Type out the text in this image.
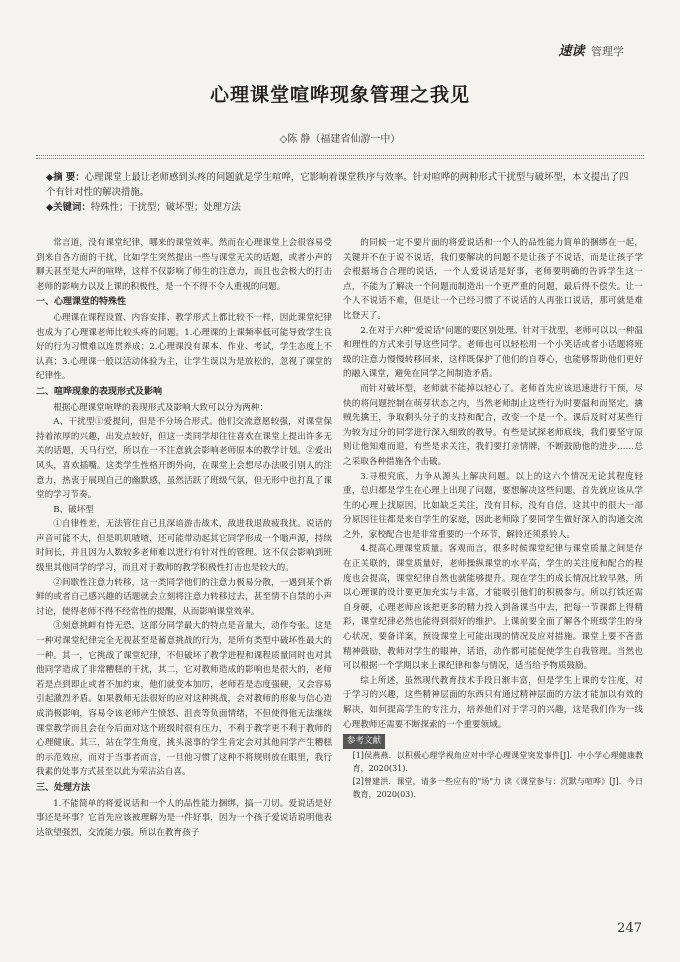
速读 管理学
心理课堂喧哗现象管理之我见
◇陈 静（福建省仙游一中）

◆摘 要：心理课堂上最让老师感到头疼的问题就是学生喧哗，它影响着课堂秩序与效率。针对喧哗的两种形式干扰型与破坏型，本文提出了四个有针对性的解决措施。

◆关键词：特殊性；干扰型；破坏型；处理方法

常言道，没有课堂纪律，哪来的课堂效率。然而在心理课堂上会很容易受到来自各方面的干扰，比如学生突然提出一些与课堂无关的话题，或者小声的聊天甚至是大声的喧哗，这样不仅影响了师生的注意力，而且也会极大的打击老师的影响力以及上课的积极性，是一个不得不令人重视的问题。

一、心理课堂的特殊性

心理课在课程设置、内容安排、教学形式上都比较不一样，因此课堂纪律也成为了心理课老师比较头疼的问题。1.心理课的上课频率低可能导致学生良好的行为习惯难以连贯养成；2.心理课没有课本、作业、考试，学生态度上不认真；3.心理课一般以活动体验为主，让学生误以为是放松的，忽视了课堂的纪律性。

二、喧哗现象的表现形式及影响

根据心理课堂喧哗的表现形式及影响大致可以分为两种：

A、干扰型①爱提问，但是不分场合形式。他们交流意愿较强，对课堂保持着浓厚的兴趣，出发点较好，但这一类同学却往往喜欢在课堂上提出许多无关的话题，天马行空，所以在一不注意就会影响老师原本的教学计划。②爱出风头，喜欢插嘴。这类学生性格开朗外向，在课堂上会想尽办法吸引别人的注意力，热衷于展现自己的幽默感，虽然活跃了班级气氛，但无形中也打乱了课堂的学习节奏。

B、破坏型

①自律性差，无法管住自己且深谙游击战术，敌进我退敌疲我扰。说话的声音可能不大，但是叽叽喳喳，还可能带动起其它同学形成一个嗡声源，持续时间长，并且因为人数较多老师难以进行有针对性的管理。这不仅会影响到班级里其他同学的学习，而且对于教师的教学积极性打击也是较大的。

②间歇性注意力转移，这一类同学他们的注意力极易分散，一遇到某个新鲜的或者自己感兴趣的话题就会立刻将注意力转移过去，甚至情不自禁的小声讨论，使得老师不得不经常性的提醒，从而影响课堂效率。

③刻意挑衅有恃无恐，这部分同学最大的特点是音量大，动作夸张。这是一种对课堂纪律完全无视甚至是蓄意挑战的行为，是所有类型中破坏性最大的一种。其一，它挑战了课堂纪律，不但破坏了教学进程和课程质量同时也对其他同学造成了非常糟糕的干扰，其二，它对教师造成的影响也是很大的，老师若是点到即止或者不加约束，他们就变本加厉，老师若是态度强硬，又会容易引起激烈矛盾。如果教师无法很好的应对这种挑战，会对教师的形象与信心造成消极影响，容易令该老师产生愤怒、沮丧等负面情绪，不但使得他无法继续课堂教学而且会在今后面对这个班级时很有压力，不利于教学更不利于教师的心理健康。其三，站在学生角度，挑头滋事的学生肯定会对其他同学产生糟糕的示范效应，而对于当事者而言，一旦他习惯了这种不将规则放在眼里，我行我素的处事方式甚至以此为荣沾沾自喜。

三、处理方法

1.不能简单的将爱说话和一个人的品性能力捆绑，搞一刀切。爱说话是好事还是坏事？它首先应该被理解为是一件好事，因为一个孩子爱说话说明他表达欲望强烈，交流能力强。所以在教育孩子

的同候一定不要片面的将爱说话和一个人的品性能力简单的捆绑在一起，关键并不在于说不说话，我们要解决的问题不是让孩子不说话，而是让孩子学会根据场合合理的说话，一个人爱说话是好事，老师要明确的告诉学生这一点，不能为了解决一个问题而制造出一个更严重的问题，最后得不偿失。让一个人不说话不难，但是让一个已经习惯了不说话的人再张口说话，那可就是难比登天了。

2.在对于六种"爱说话"问题的要区别处理。针对干扰型，老师可以以一种温和理性的方式来引导这些同学。老师也可以轻松用一个小笑话或者小话题将班级的注意力慢慢转移回来，这样既保护了他们的自尊心，也能够帮助他们更好的融入课堂，避免在同学之间制造矛盾。

而针对破坏型，老师就不能掉以轻心了。老师首先应该迅速进行干预，尽快的将问题控制在萌芽状态之内，当然老师制止这些行为时要温和而坚定。擒贼先擒王，争取剩头分子的支持和配合，改变一个是一个。课后及时对某些行为较为过分的同学进行深入细致的教导。有些是试探老师底线，我们要坚守原则让他知难而退，有些是求关注，我们要打亲情牌，不断鼓励他的进步……总之采取各种措施各个击破。

3.寻根究底，力争从源头上解决问题。以上的这六个情况无论其程度轻重，总归都是学生在心理上出现了问题，要想解决这些问题，首先就应该从学生的心理上找原因，比如缺乏关注，没有目标，没有自信，这其中的很大一部分原因往往都是来自学生的家庭，因此老师除了要同学生做好深入的沟通交流之外，家校配合也是非常重要的一个环节，解铃还须系铃人。

4.提高心理课堂质量。客观而言，很多时候课堂纪律与课堂质量之间是存在正关联的，课堂质量好，老师操纵课堂的水平高，学生的关注度和配合的程度也会提高，课堂纪律自然也就能够提升。现在学生的成长情况比较早熟，所以心理课的设计要更加充实与丰富，才能吸引他们的积极参与。所以打铁还需自身硬，心理老师应该把更多的精力投入到备课当中去，把每一节课都上得精彩，课堂纪律必然也能得到很好的维护。上课前要全面了解各个班级学生的身心状况，要备详案，预设课堂上可能出现的情况及应对措施。课堂上要不吝啬精神鼓励，教师对学生的眼神，话语，动作都可能促使学生自我管理。当然也可以根据一个学期以来上课纪律和参与情况，适当给予物质鼓励。

综上所述，虽然现代教育技术手段日渐丰富，但是学生上课的专注度，对于学习的兴趣，这些精神层面的东西只有通过精神层面的方法才能加以有效的解决，如何提高学生的专注力，培养他们对于学习的兴趣，这是我们作为一线心理教师还需要不断探索的一个重要领域。

参考文献

[1]侯燕燕．以积极心理学视角应对中学心理课堂突发事件[J]．中小学心理健康教育，2020(31).

[2]曾建洪．课堂，请多一些应有的"场"力 读《课堂参与：沉默与喧哗》[J]．今日教育，2020(03).

247
